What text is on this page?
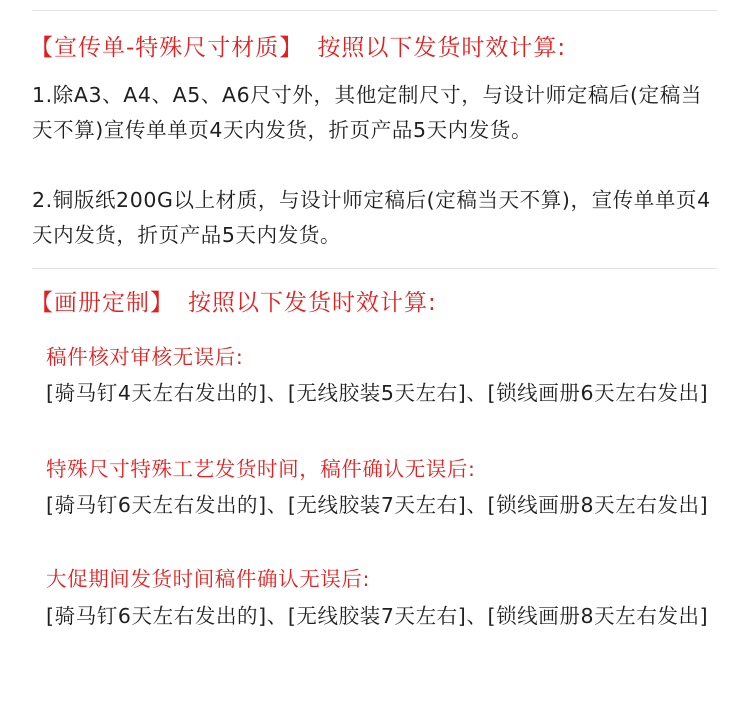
【宣传单-特殊尺寸材质】 按照以下发货时效计算:
1.除A3、A4、A5、A6尺寸外，其他定制尺寸，与设计师定稿后(定稿当天不算)宣传单单页4天内发货，折页产品5天内发货。
2.铜版纸200G以上材质，与设计师定稿后(定稿当天不算)，宣传单单页4天内发货，折页产品5天内发货。
【画册定制】 按照以下发货时效计算:
稿件核对审核无误后:
[骑马钉4天左右发出的]、[无线胶装5天左右]、[锁线画册6天左右发出]
特殊尺寸特殊工艺发货时间，稿件确认无误后:
[骑马钉6天左右发出的]、[无线胶装7天左右]、[锁线画册8天左右发出]
大促期间发货时间稿件确认无误后:
[骑马钉6天左右发出的]、[无线胶装7天左右]、[锁线画册8天左右发出]
